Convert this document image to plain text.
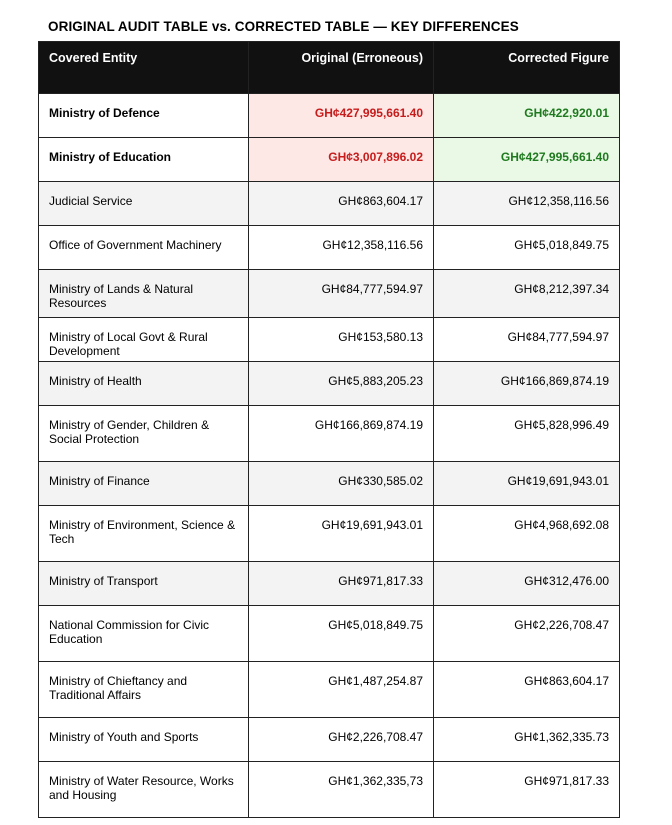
ORIGINAL AUDIT TABLE vs. CORRECTED TABLE — KEY DIFFERENCES
Covered Entity	Original (Erroneous)	Corrected Figure

Ministry of Defence	GH¢427,995,661.40	GH¢422,920.01

Ministry of Education	GH¢3,007,896.02	GH¢427,995,661.40

Judicial Service	GH¢863,604.17	GH¢12,358,116.56

Office of Government Machinery	GH¢12,358,116.56	GH¢5,018,849.75

Ministry of Lands & Natural Resources	GH¢84,777,594.97	GH¢8,212,397.34

Ministry of Local Govt & Rural Development	GH¢153,580.13	GH¢84,777,594.97

Ministry of Health	GH¢5,883,205.23	GH¢166,869,874.19

Ministry of Gender, Children & Social Protection	GH¢166,869,874.19	GH¢5,828,996.49

Ministry of Finance	GH¢330,585.02	GH¢19,691,943.01

Ministry of Environment, Science & Tech	GH¢19,691,943.01	GH¢4,968,692.08

Ministry of Transport	GH¢971,817.33	GH¢312,476.00

National Commission for Civic Education	GH¢5,018,849.75	GH¢2,226,708.47

Ministry of Chieftancy and Traditional Affairs	GH¢1,487,254.87	GH¢863,604.17

Ministry of Youth and Sports	GH¢2,226,708.47	GH¢1,362,335.73

Ministry of Water Resource, Works and Housing	GH¢1,362,335,73	GH¢971,817.33
